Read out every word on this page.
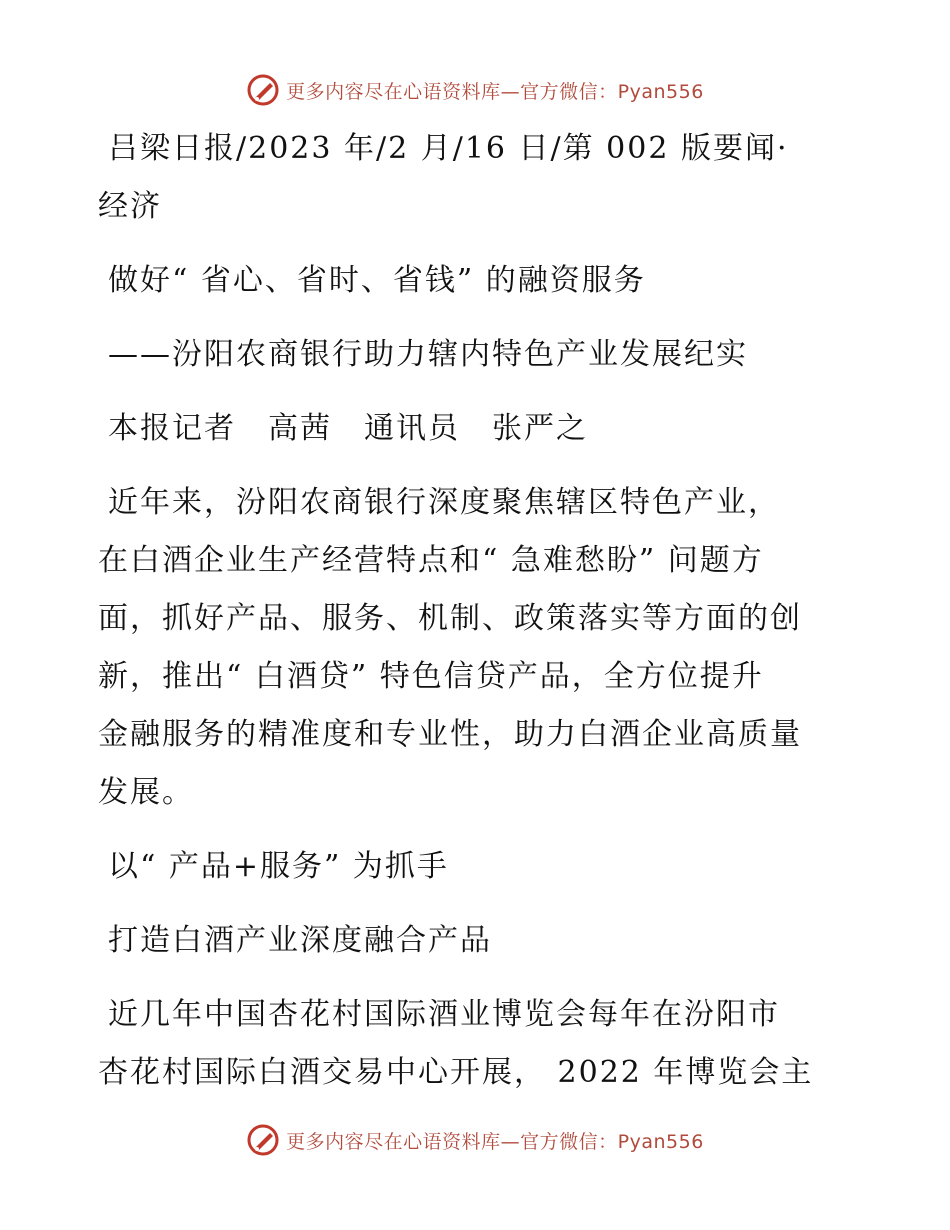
更多内容尽在心语资料库—官方微信：Pyan556
吕梁日报/2023 年/2 月/16 日/第 002 版要闻·
经济
做好“ 省心、省时、省钱” 的融资服务
——汾阳农商银行助力辖内特色产业发展纪实
本报记者　高茜　通讯员　张严之
近年来，汾阳农商银行深度聚焦辖区特色产业，
在白酒企业生产经营特点和“ 急难愁盼” 问题方
面，抓好产品、服务、机制、政策落实等方面的创
新，推出“ 白酒贷” 特色信贷产品，全方位提升
金融服务的精准度和专业性，助力白酒企业高质量
发展。
以“ 产品+服务” 为抓手
打造白酒产业深度融合产品
近几年中国杏花村国际酒业博览会每年在汾阳市
杏花村国际白酒交易中心开展， 2022 年博览会主
更多内容尽在心语资料库—官方微信：Pyan556
